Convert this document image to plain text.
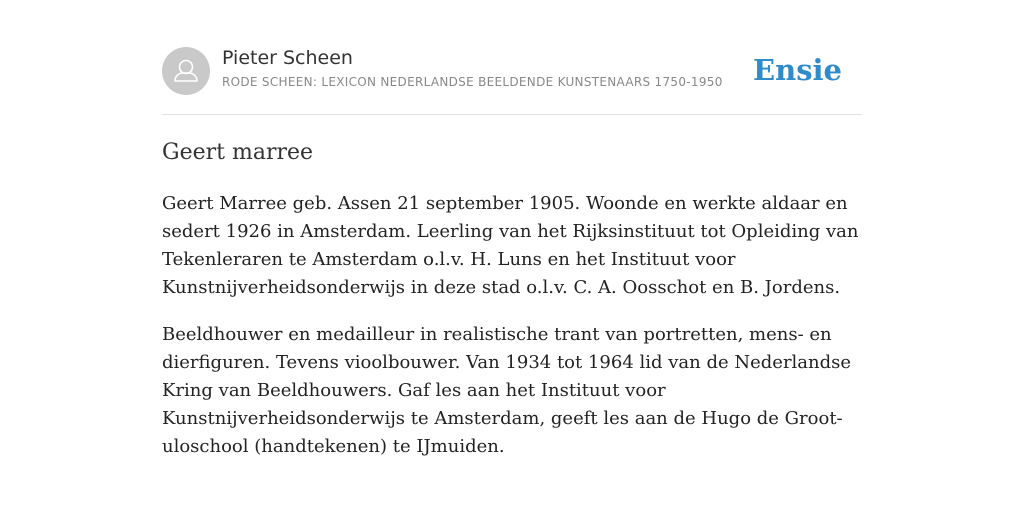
Pieter Scheen
RODE SCHEEN: LEXICON NEDERLANDSE BEELDENDE KUNSTENAARS 1750-1950 Ensie
Geert marree

Geert Marree geb. Assen 21 september 1905. Woonde en werkte aldaar en sedert 1926 in Amsterdam. Leerling van het Rijksinstituut tot Opleiding van Tekenleraren te Amsterdam o.l.v. H. Luns en het Instituut voor Kunstnijverheidsonderwijs in deze stad o.l.v. C. A. Oosschot en B. Jordens.

Beeldhouwer en medailleur in realistische trant van portretten, mens- en dierfiguren. Tevens vioolbouwer. Van 1934 tot 1964 lid van de Nederlandse Kring van Beeldhouwers. Gaf les aan het Instituut voor Kunstnijverheidsonderwijs te Amsterdam, geeft les aan de Hugo de Groot-uloschool (handtekenen) te IJmuiden.
